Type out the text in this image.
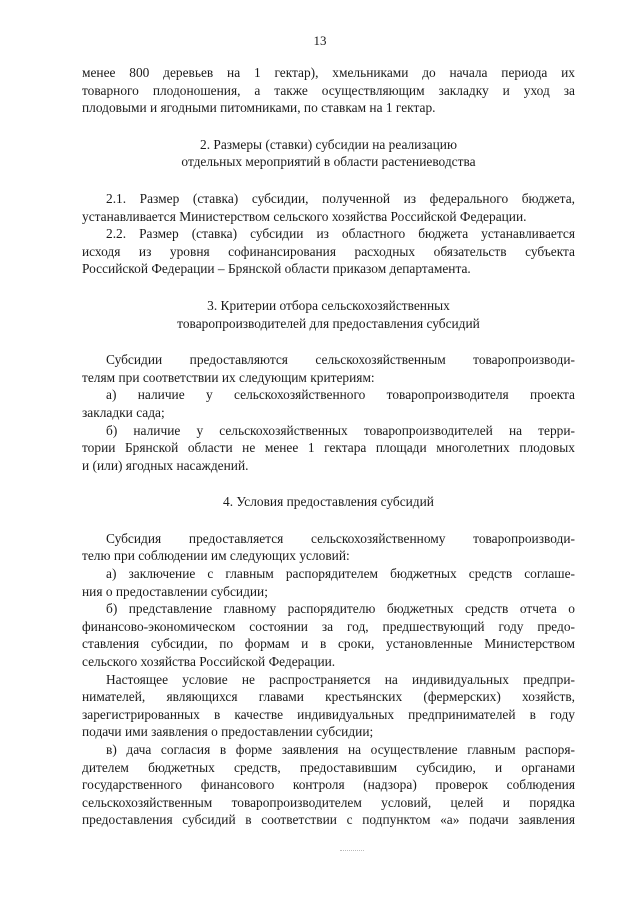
13

менее 800 деревьев на 1 гектар), хмельниками до начала периода их

товарного плодоношения, а также осуществляющим закладку и уход за

плодовыми и ягодными питомниками, по ставкам на 1 гектар.

2. Размеры (ставки) субсидии на реализацию

отдельных мероприятий в области растениеводства

2.1. Размер (ставка) субсидии, полученной из федерального бюджета,

устанавливается Министерством сельского хозяйства Российской Федерации.

2.2. Размер (ставка) субсидии из областного бюджета устанавливается

исходя из уровня софинансирования расходных обязательств субъекта

Российской Федерации – Брянской области приказом департамента.

3. Критерии отбора сельскохозяйственных

товаропроизводителей для предоставления субсидий

Субсидии предоставляются сельскохозяйственным товаропроизводи-

телям при соответствии их следующим критериям:

а) наличие у сельскохозяйственного товаропроизводителя проекта

закладки сада;

б) наличие у сельскохозяйственных товаропроизводителей на терри-

тории Брянской области не менее 1 гектара площади многолетних плодовых

и (или) ягодных насаждений.

4. Условия предоставления субсидий

Субсидия предоставляется сельскохозяйственному товаропроизводи-

телю при соблюдении им следующих условий:

а) заключение с главным распорядителем бюджетных средств соглаше-

ния о предоставлении субсидии;

б) представление главному распорядителю бюджетных средств отчета о

финансово-экономическом состоянии за год, предшествующий году предо-

ставления субсидии, по формам и в сроки, установленные Министерством

сельского хозяйства Российской Федерации.

Настоящее условие не распространяется на индивидуальных предпри-

нимателей, являющихся главами крестьянских (фермерских) хозяйств,

зарегистрированных в качестве индивидуальных предпринимателей в году

подачи ими заявления о предоставлении субсидии;

в) дача согласия в форме заявления на осуществление главным распоря-

дителем бюджетных средств, предоставившим субсидию, и органами

государственного финансового контроля (надзора) проверок соблюдения

сельскохозяйственным товаропроизводителем условий, целей и порядка

предоставления субсидий в соответствии с подпунктом «а» подачи заявления
